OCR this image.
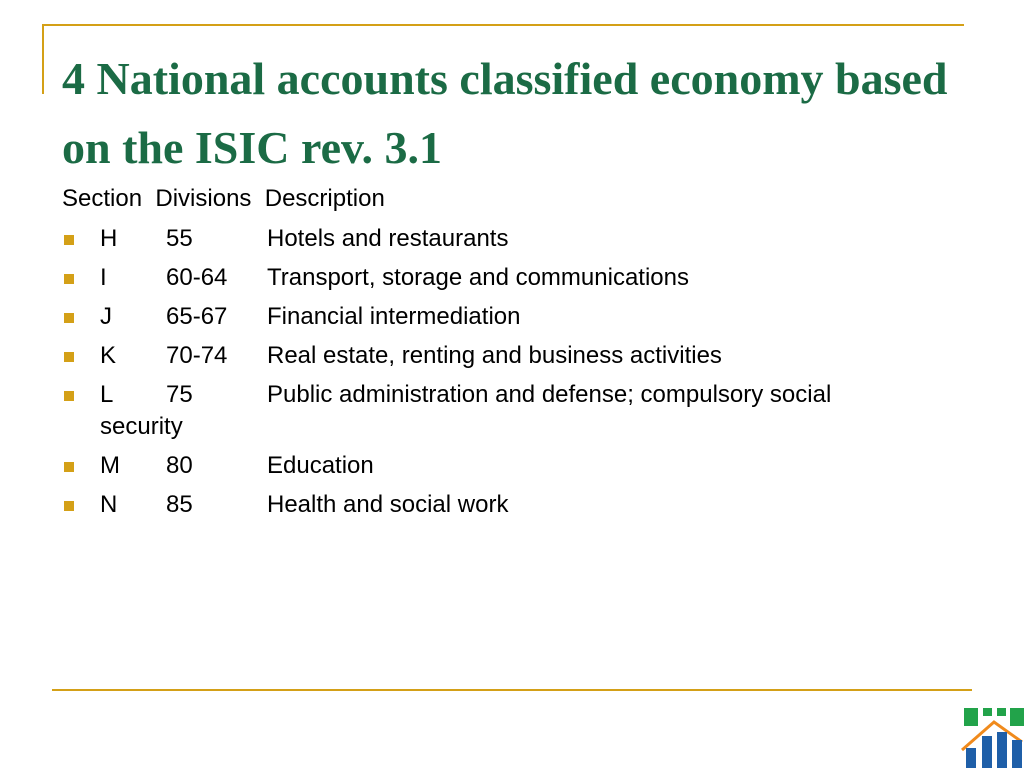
4 National accounts classified economy based on the ISIC rev. 3.1
Section  Divisions  Description
H 55	Hotels and restaurants
I 60-64 Transport, storage and communications
J 65-67 Financial intermediation
K 70-74 Real estate, renting and business activities
L 75	Public administration and defense; compulsory social security
M 80	Education
N 85	Health and social work
